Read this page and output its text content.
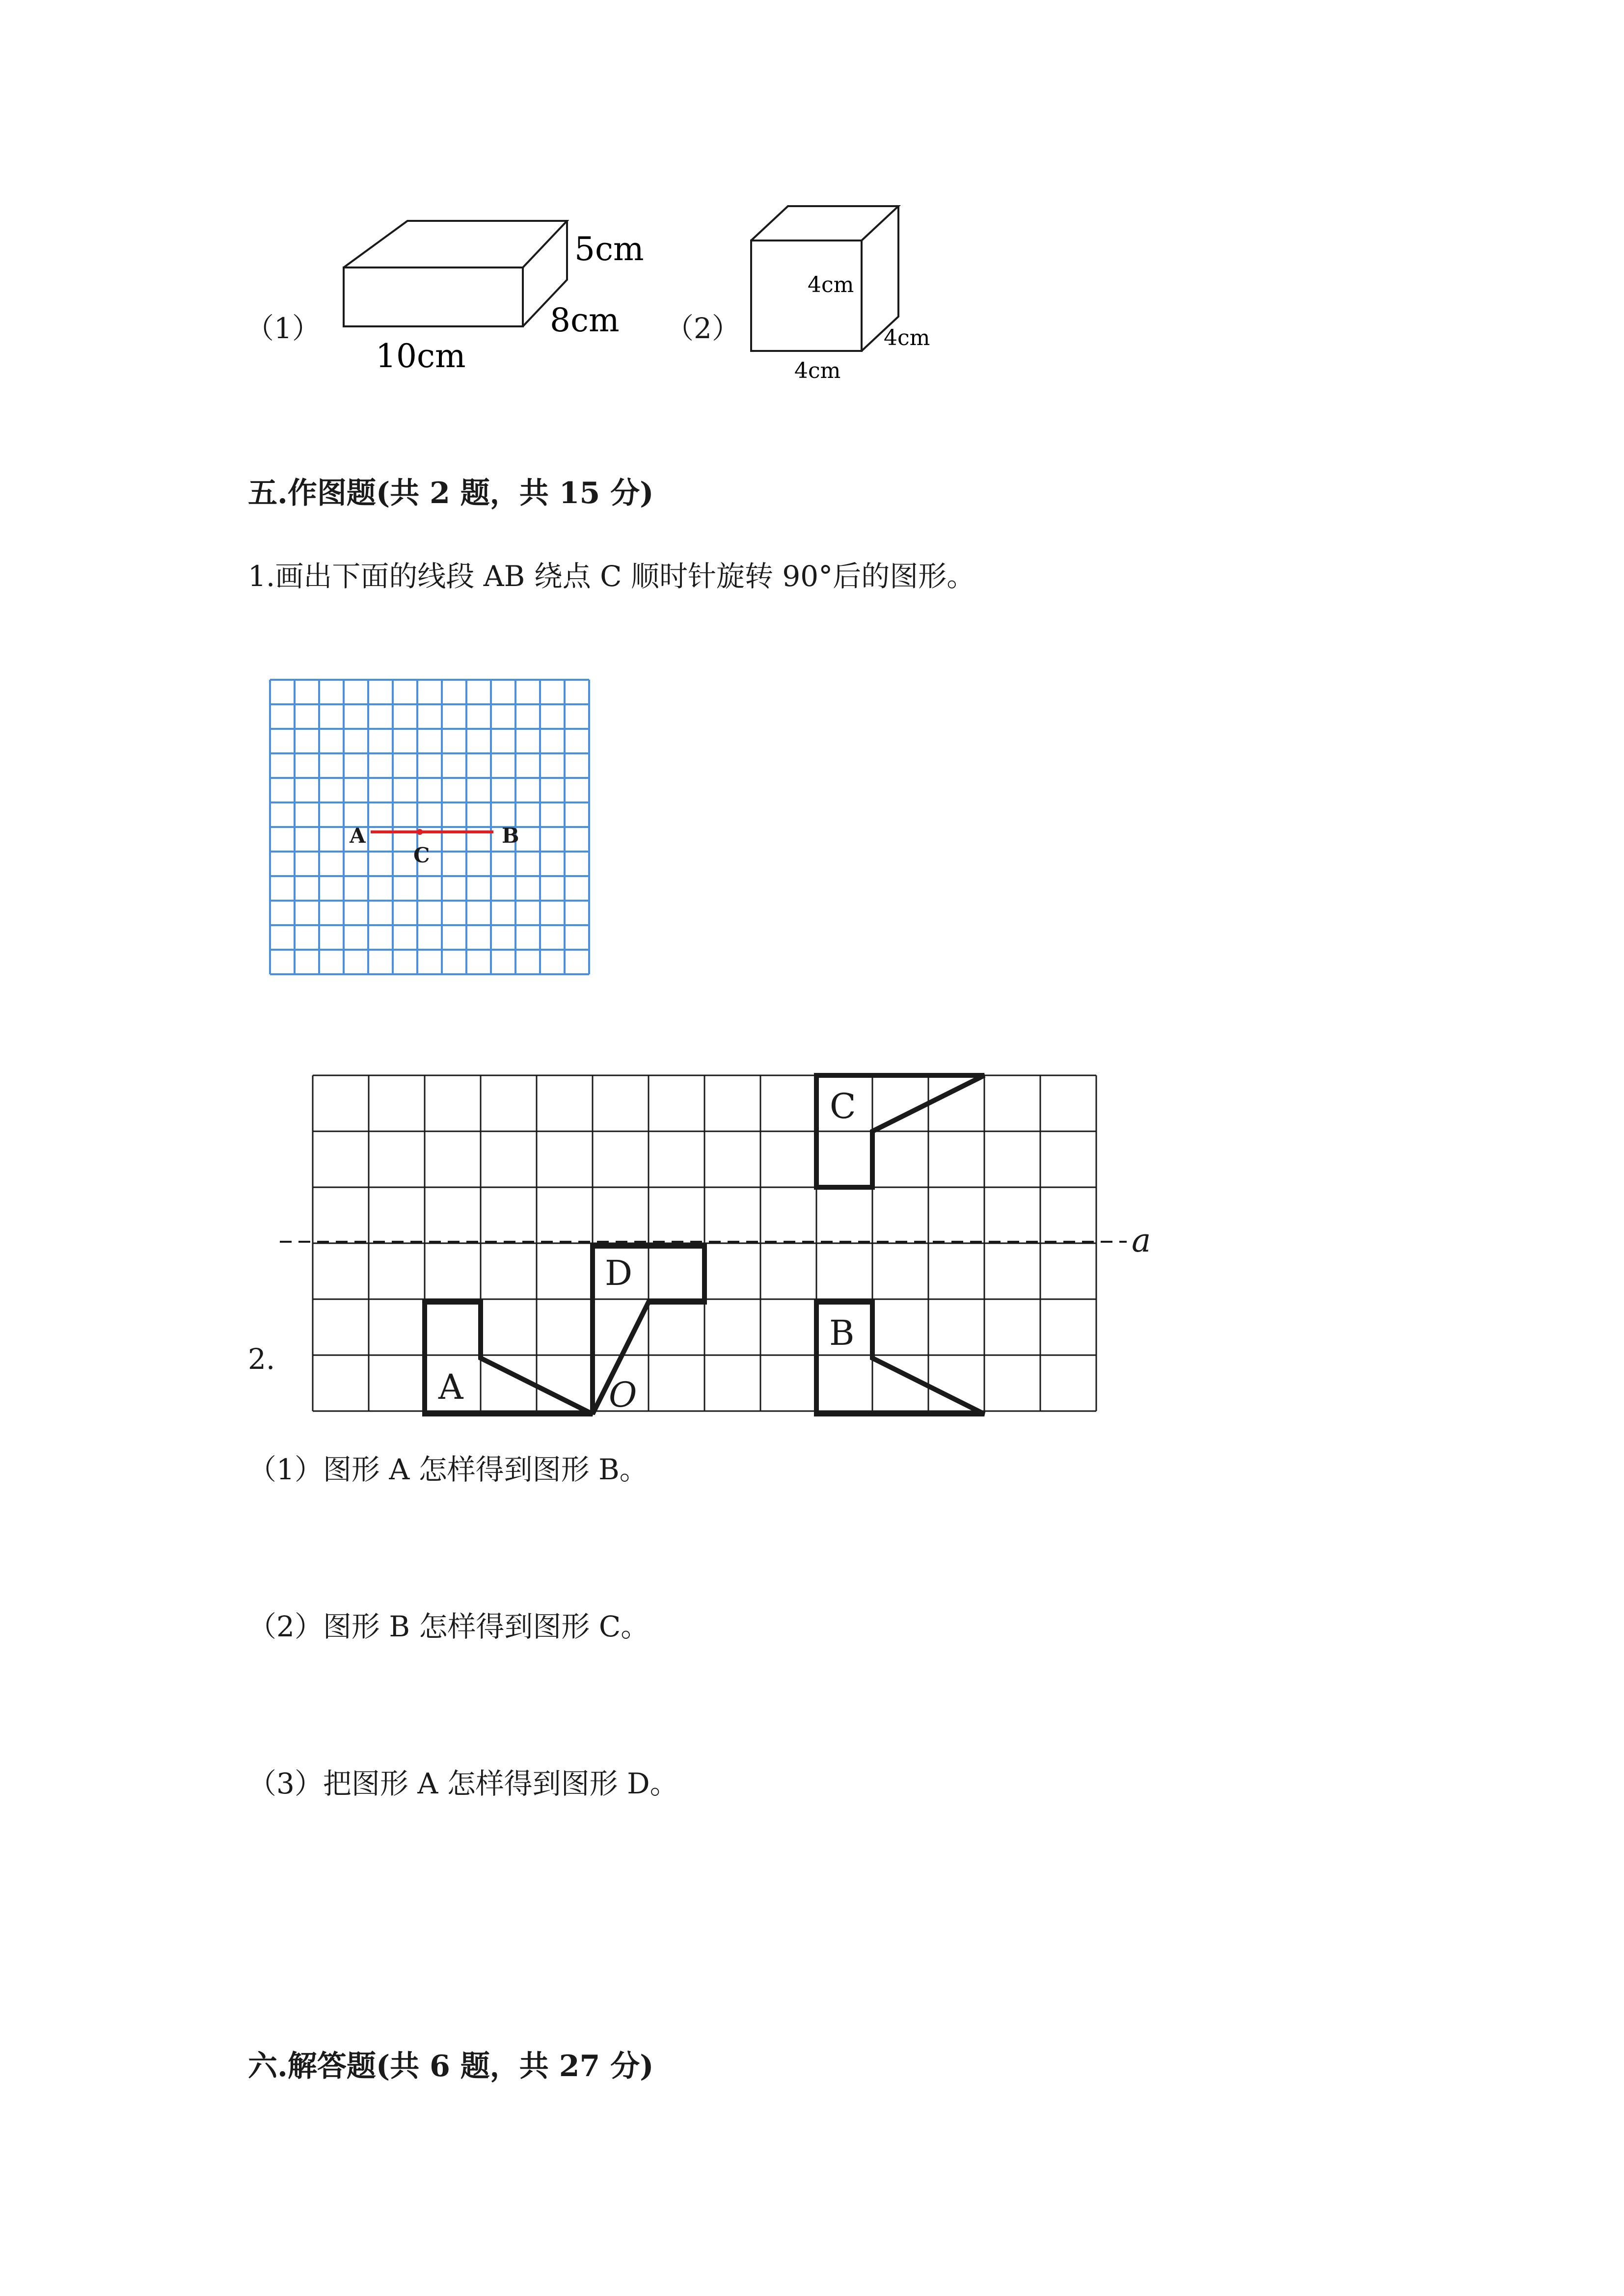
（1）
5cm
8cm
10cm
（2）
4cm
4cm
4cm
五.作图题(共 2 题，共 15 分)
1.画出下面的线段 AB 绕点 C 顺时针旋转 90°后的图形。
A	B
C
2.
a
A
B
C
D
O
（1）图形 A 怎样得到图形 B。
（2）图形 B 怎样得到图形 C。
（3）把图形 A 怎样得到图形 D。
六.解答题(共 6 题，共 27 分)
